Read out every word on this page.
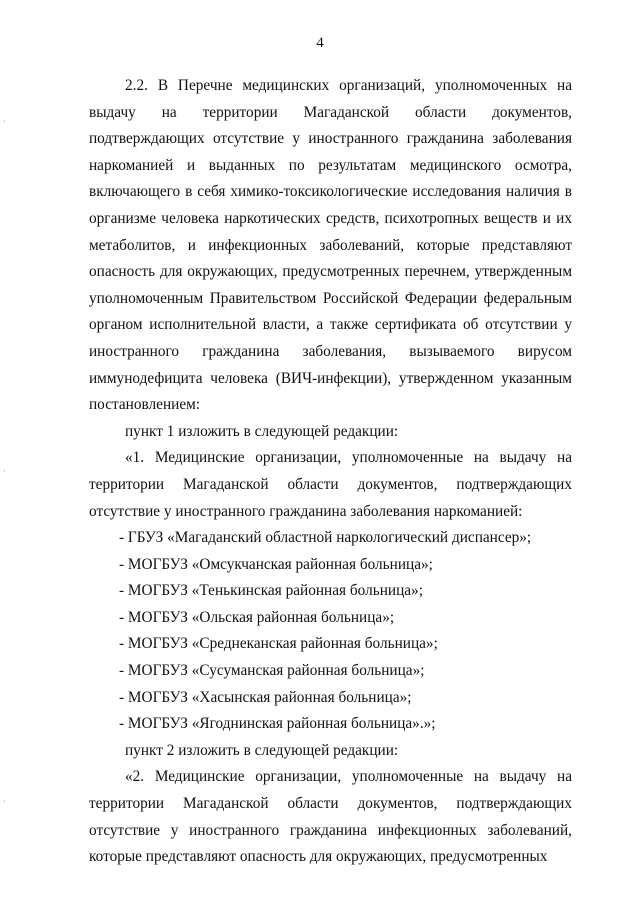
4

2.2. В Перечне медицинских организаций, уполномоченных на выдачу на территории Магаданской области документов, подтверждающих отсутствие у иностранного гражданина заболевания наркоманией и выданных по результатам медицинского осмотра, включающего в себя химико-токсикологические исследования наличия в организме человека наркотических средств, психотропных веществ и их метаболитов, и инфекционных заболеваний, которые представляют опасность для окружающих, предусмотренных перечнем, утвержденным уполномоченным Правительством Российской Федерации федеральным органом исполнительной власти, а также сертификата об отсутствии у иностранного гражданина заболевания, вызываемого вирусом иммунодефицита человека (ВИЧ-инфекции), утвержденном указанным постановлением:

пункт 1 изложить в следующей редакции:

«1. Медицинские организации, уполномоченные на выдачу на территории Магаданской области документов, подтверждающих отсутствие у иностранного гражданина заболевания наркоманией:

- ГБУЗ «Магаданский областной наркологический диспансер»;

- МОГБУЗ «Омсукчанская районная больница»;

- МОГБУЗ «Тенькинская районная больница»;

- МОГБУЗ «Ольская районная больница»;

- МОГБУЗ «Среднеканская районная больница»;

- МОГБУЗ «Сусуманская районная больница»;

- МОГБУЗ «Хасынская районная больница»;

- МОГБУЗ «Ягоднинская районная больница».»;

пункт 2 изложить в следующей редакции:

«2. Медицинские организации, уполномоченные на выдачу на территории Магаданской области документов, подтверждающих отсутствие у иностранного гражданина инфекционных заболеваний, которые представляют опасность для окружающих, предусмотренных
